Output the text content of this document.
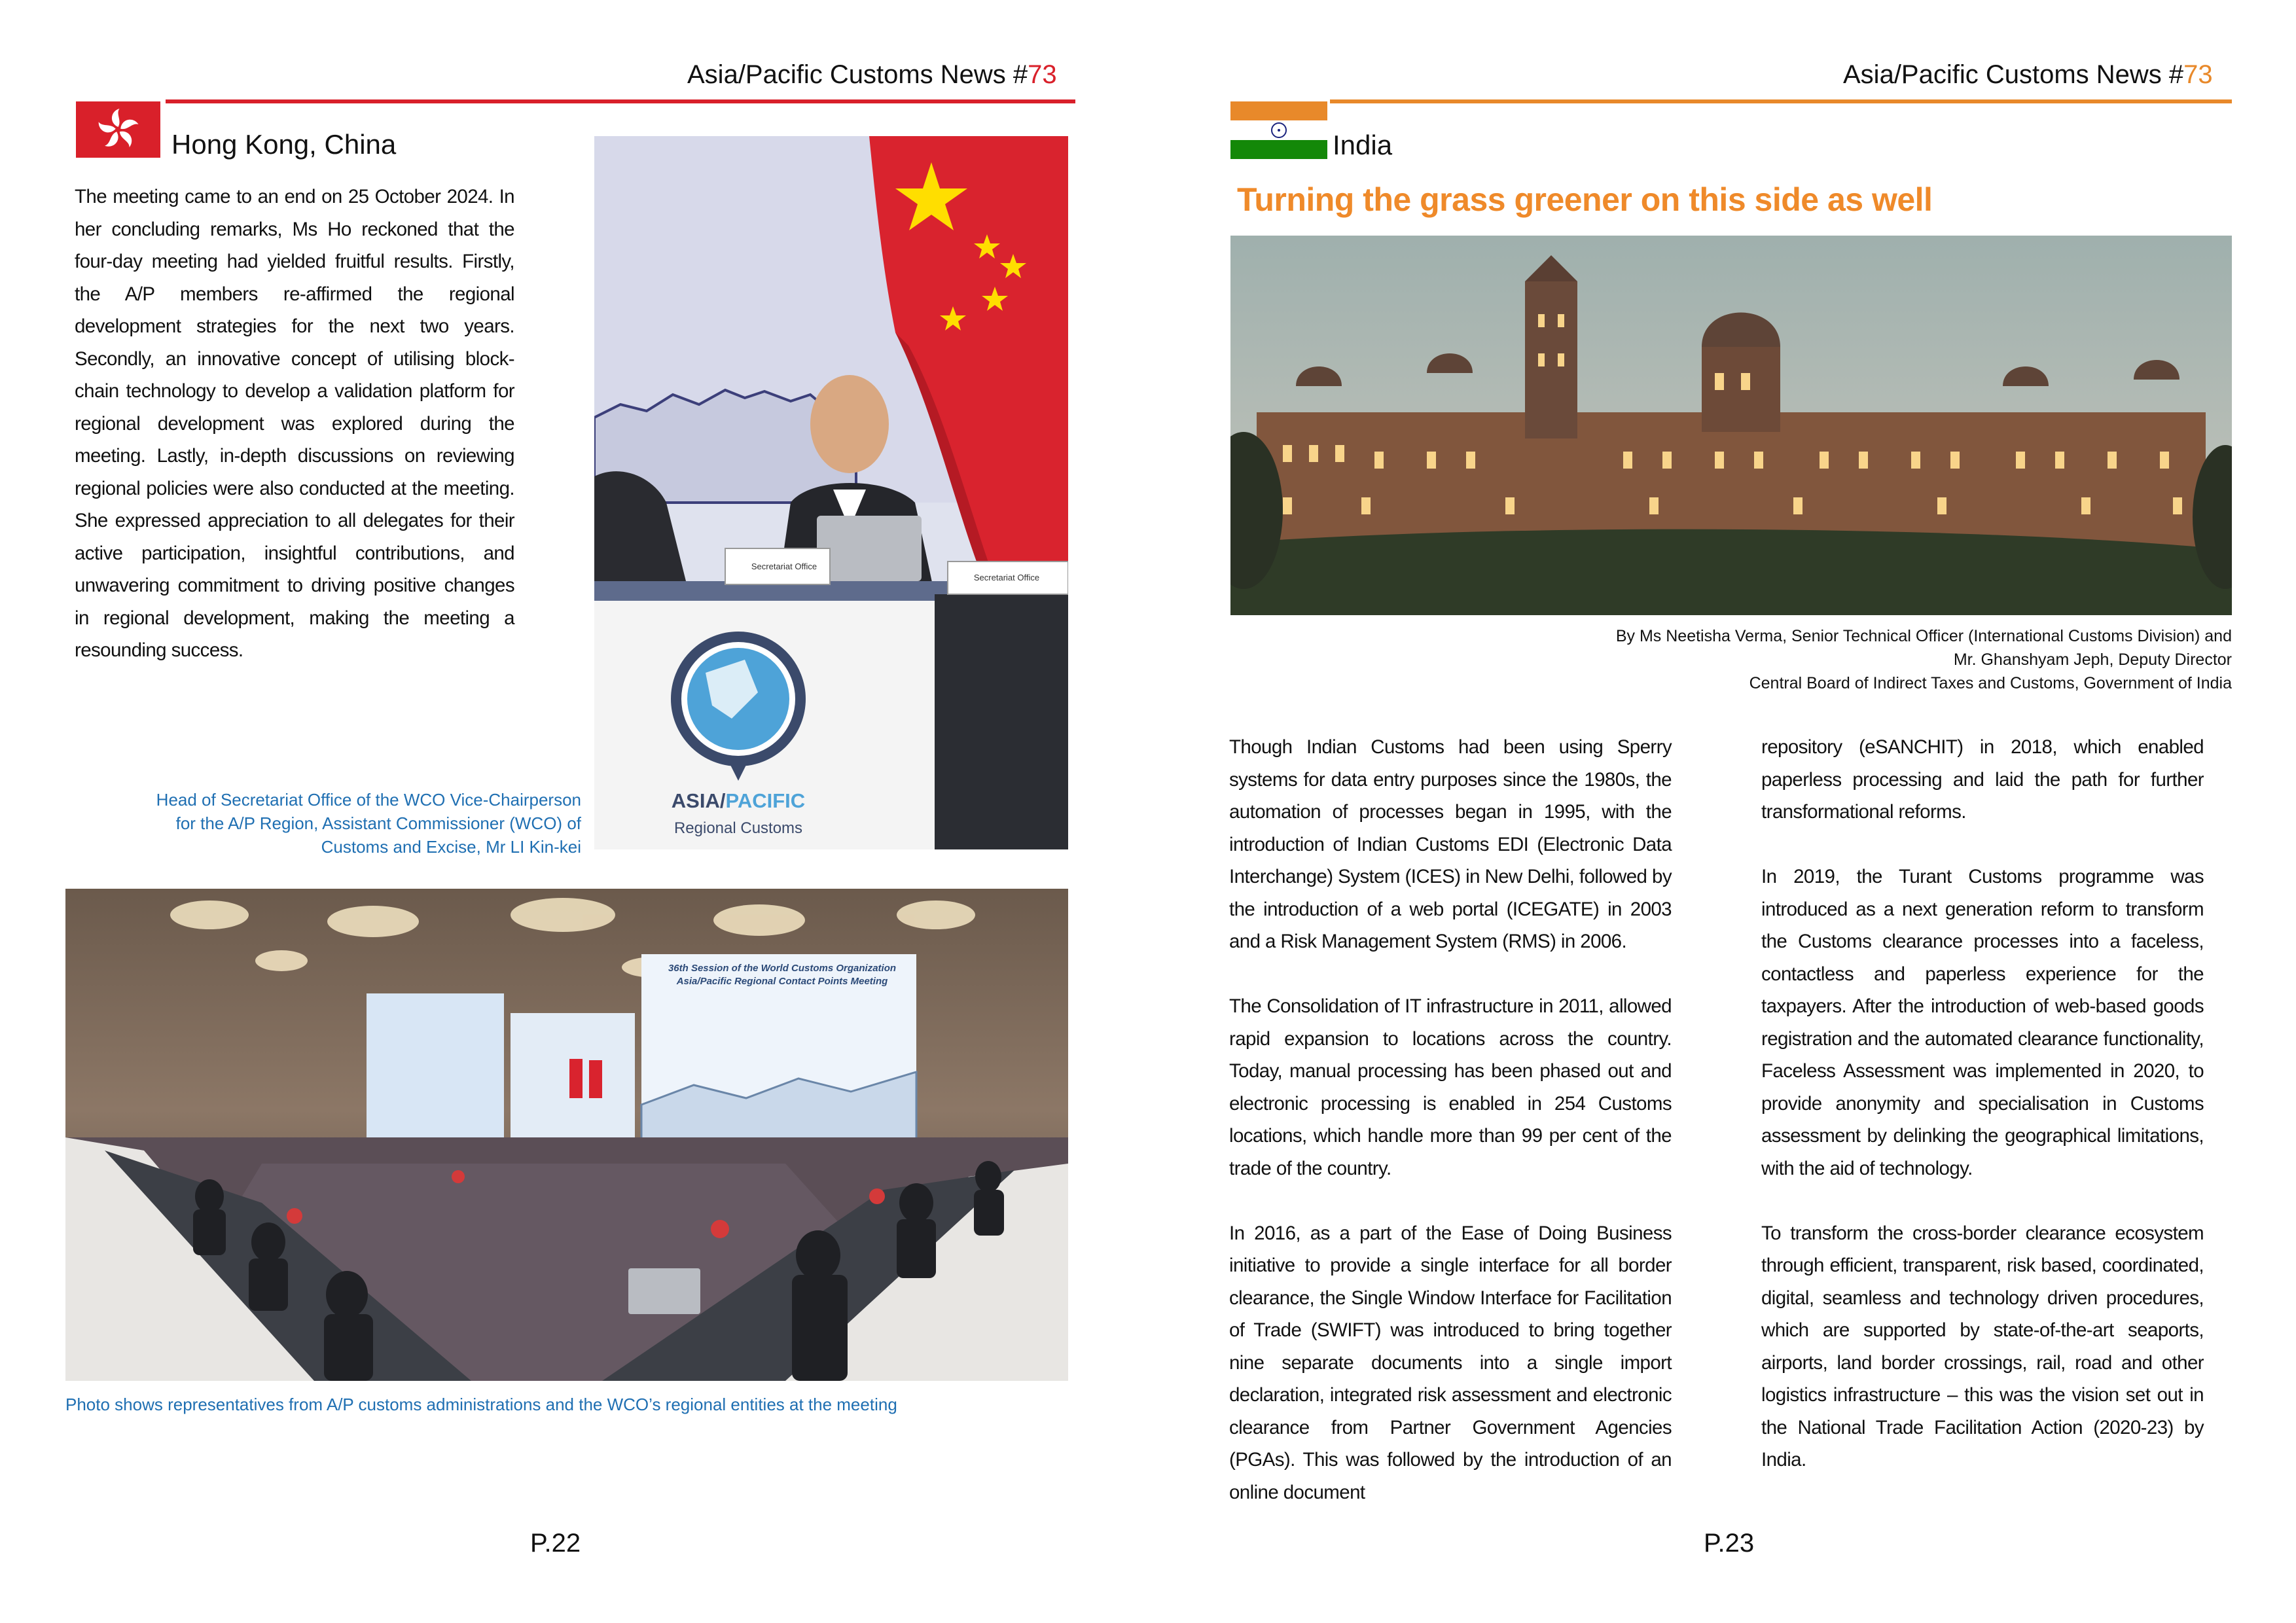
Asia/Pacific Customs News #73
Hong Kong, China

The meeting came to an end on 25 October 2024. In her concluding remarks, Ms Ho reckoned that the four-day meeting had yielded fruitful results. Firstly, the A/P members re-affirmed the regional development strategies for the next two years. Secondly, an innovative concept of utilising block-chain technology to develop a validation platform for regional development was explored during the meeting. Lastly, in-depth discussions on reviewing regional policies were also conducted at the meeting. She expressed appreciation to all delegates for their active participation, insightful contributions, and unwavering commitment to driving positive changes in regional development, making the meeting a resounding success.

Secretariat Office
Secretariat Office
ASIA/PACIFIC
Regional Customs
Head of Secretariat Office of the WCO Vice-Chairperson
for the A/P Region, Assistant Commissioner (WCO) of
Customs and Excise, Mr LI Kin-kei
36th Session of the World Customs Organization
Asia/Pacific Regional Contact Points Meeting
Photo shows representatives from A/P customs administrations and the WCO’s regional entities at the meeting
P.22
Asia/Pacific Customs News #73
India
Turning the grass greener on this side as well
By Ms Neetisha Verma, Senior Technical Officer (International Customs Division) and
Mr. Ghanshyam Jeph, Deputy Director
Central Board of Indirect Taxes and Customs, Government of India

Though Indian Customs had been using Sperry systems for data entry purposes since the 1980s, the automation of processes began in 1995, with the introduction of Indian Customs EDI (Electronic Data Interchange) System (ICES) in New Delhi, followed by the introduction of a web portal (ICEGATE) in 2003 and a Risk Management System (RMS) in 2006.

The Consolidation of IT infrastructure in 2011, allowed rapid expansion to locations across the country. Today, manual processing has been phased out and electronic processing is enabled in 254 Customs locations, which handle more than 99 per cent of the trade of the country.

In 2016, as a part of the Ease of Doing Business initiative to provide a single interface for all border clearance, the Single Window Interface for Facilitation of Trade (SWIFT) was introduced to bring together nine separate documents into a single import declaration, integrated risk assessment and electronic clearance from Partner Government Agencies (PGAs). This was followed by the introduction of an online document

repository (eSANCHIT) in 2018, which enabled paperless processing and laid the path for further transformational reforms.

In 2019, the Turant Customs programme was introduced as a next generation reform to transform the Customs clearance processes into a faceless, contactless and paperless experience for the taxpayers. After the introduction of web-based goods registration and the automated clearance functionality, Faceless Assessment was implemented in 2020, to provide anonymity and specialisation in Customs assessment by delinking the geographical limitations, with the aid of technology.

To transform the cross-border clearance ecosystem through efficient, transparent, risk based, coordinated, digital, seamless and technology driven procedures, which are supported by state-of-the-art seaports, airports, land border crossings, rail, road and other logistics infrastructure – this was the vision set out in the National Trade Facilitation Action (2020-23) by India.

P.23
